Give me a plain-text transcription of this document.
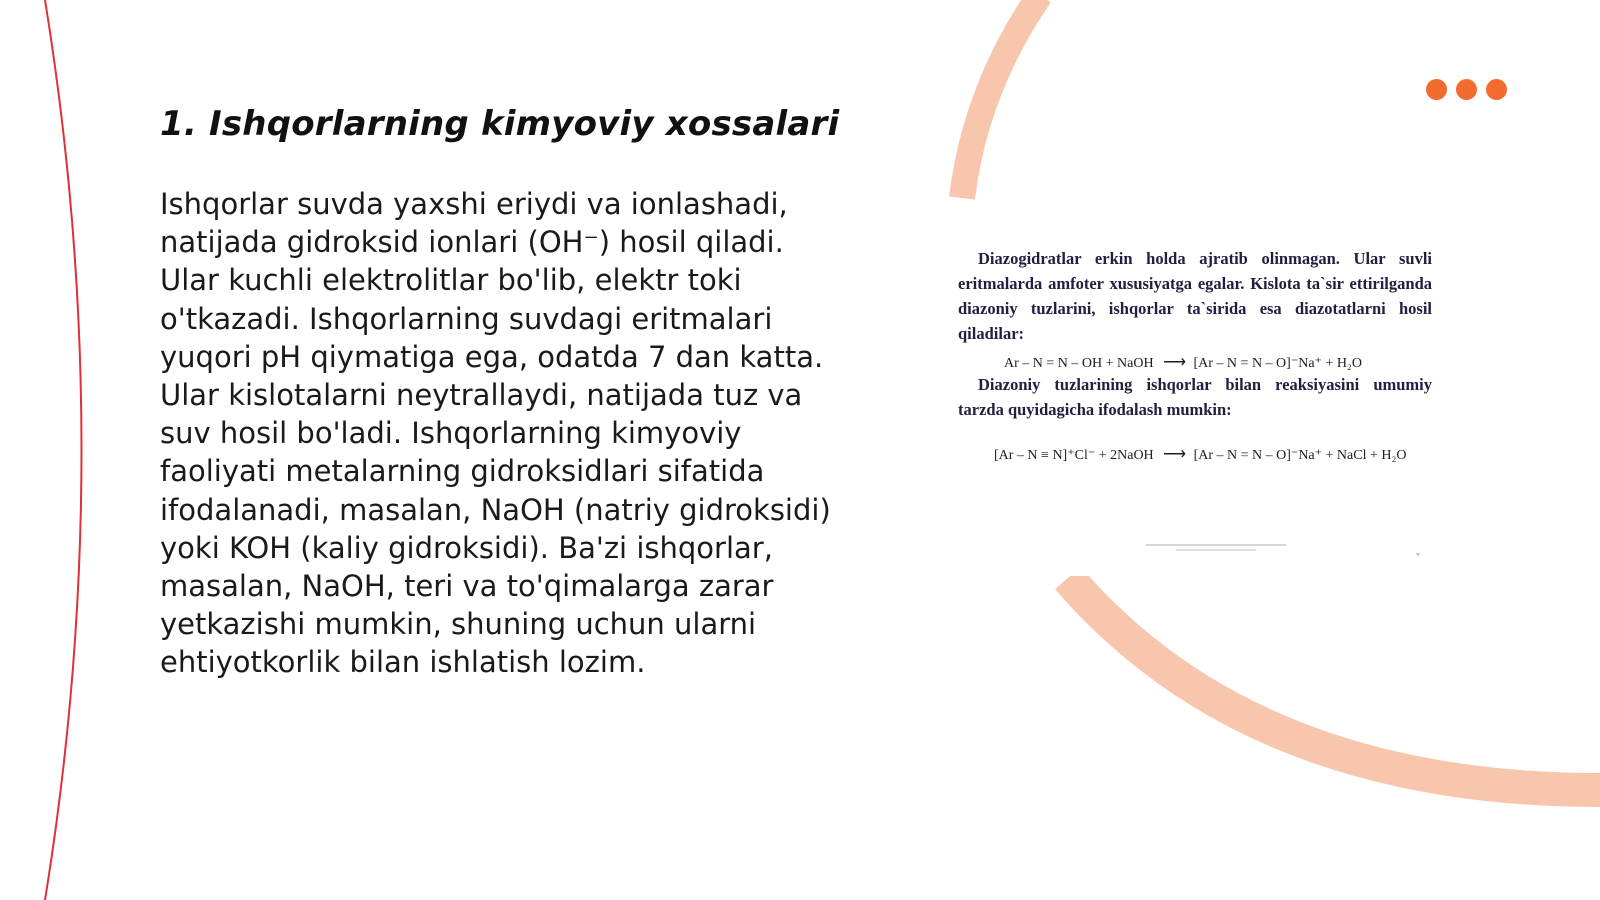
1. Ishqorlarning kimyoviy xossalari

Ishqorlar suvda yaxshi eriydi va ionlashadi, natijada gidroksid ionlari (OH⁻) hosil qiladi. Ular kuchli elektrolitlar bo'lib, elektr toki o'tkazadi. Ishqorlarning suvdagi eritmalari yuqori pH qiymatiga ega, odatda 7 dan katta. Ular kislotalarni neytrallaydi, natijada tuz va suv hosil bo'ladi. Ishqorlarning kimyoviy faoliyati metalarning gidroksidlari sifatida ifodalanadi, masalan, NaOH (natriy gidroksidi) yoki KOH (kaliy gidroksidi). Ba'zi ishqorlar, masalan, NaOH, teri va to'qimalarga zarar yetkazishi mumkin, shuning uchun ularni ehtiyotkorlik bilan ishlatish lozim.

Diazogidratlar erkin holda ajratib olinmagan. Ular suvli eritmalarda amfoter xususiyatga egalar. Kislota ta`sir ettirilganda diazoniy tuzlarini, ishqorlar ta`sirida esa diazotatlarni hosil qiladilar:

Ar – N = N – OH + NaOH ⟶ [Ar – N = N – O]⁻Na⁺ + H₂O

Diazoniy tuzlarining ishqorlar bilan reaksiyasini umumiy tarzda quyidagicha ifodalash mumkin:

[Ar – N ≡ N]⁺Cl⁻ + 2NaOH ⟶ [Ar – N = N – O]⁻Na⁺ + NaCl + H₂O
▾
